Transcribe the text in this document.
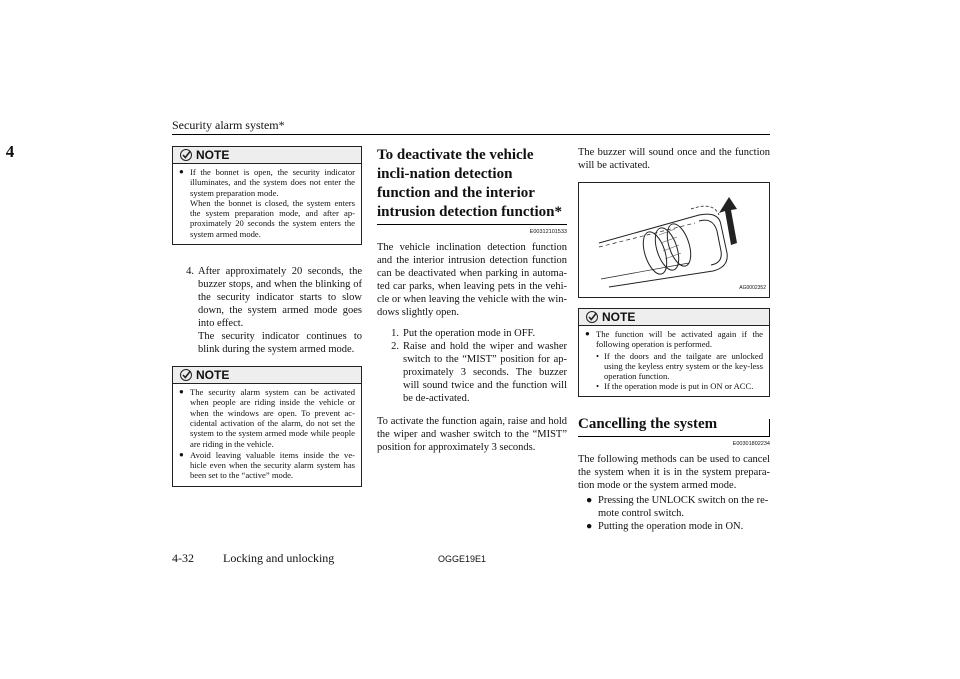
Security alarm system*
4	NOTE
● If the bonnet is open, the security indicator illuminates, and the system does not enter the system preparation mode.
When the bonnet is closed, the system enters the system preparation mode, and after ap-proximately 20 seconds the system enters the system armed mode.
4. After approximately 20 seconds, the buzzer stops, and when the blinking of the security indicator starts to slow down, the system armed mode goes into effect.
The security indicator continues to blink during the system armed mode.
NOTE
● The security alarm system can be activated when people are riding inside the vehicle or when the windows are open. To prevent ac-cidental activation of the alarm, do not set the system to the system armed mode while people are riding in the vehicle.
● Avoid leaving valuable items inside the ve-hicle even when the security alarm system has been set to the “active” mode.
To deactivate the vehicle incli-nation detection function and the interior intrusion detection function*
E00312101533

The vehicle inclination detection function and the interior intrusion detection function can be deactivated when parking in automa-ted car parks, when leaving pets in the vehi-cle or when leaving the vehicle with the win-dows slightly open.

1. Put the operation mode in OFF.
2. Raise and hold the wiper and washer switch to the “MIST” position for ap-proximately 3 seconds. The buzzer will sound twice and the function will be de-activated.

To activate the function again, raise and hold the wiper and washer switch to the “MIST” position for approximately 3 seconds.

The buzzer will sound once and the function will be activated.

AG0002352
NOTE
● The function will be activated again if the following operation is performed.
• If the doors and the tailgate are unlocked using the keyless entry system or the key-less operation function.
• If the operation mode is put in ON or ACC.
Cancelling the system
E00301802234

The following methods can be used to cancel the system when it is in the system prepara-tion mode or the system armed mode.

● Pressing the UNLOCK switch on the re-mote control switch.
● Putting the operation mode in ON.
4-32 Locking and unlocking	OGGE19E1
